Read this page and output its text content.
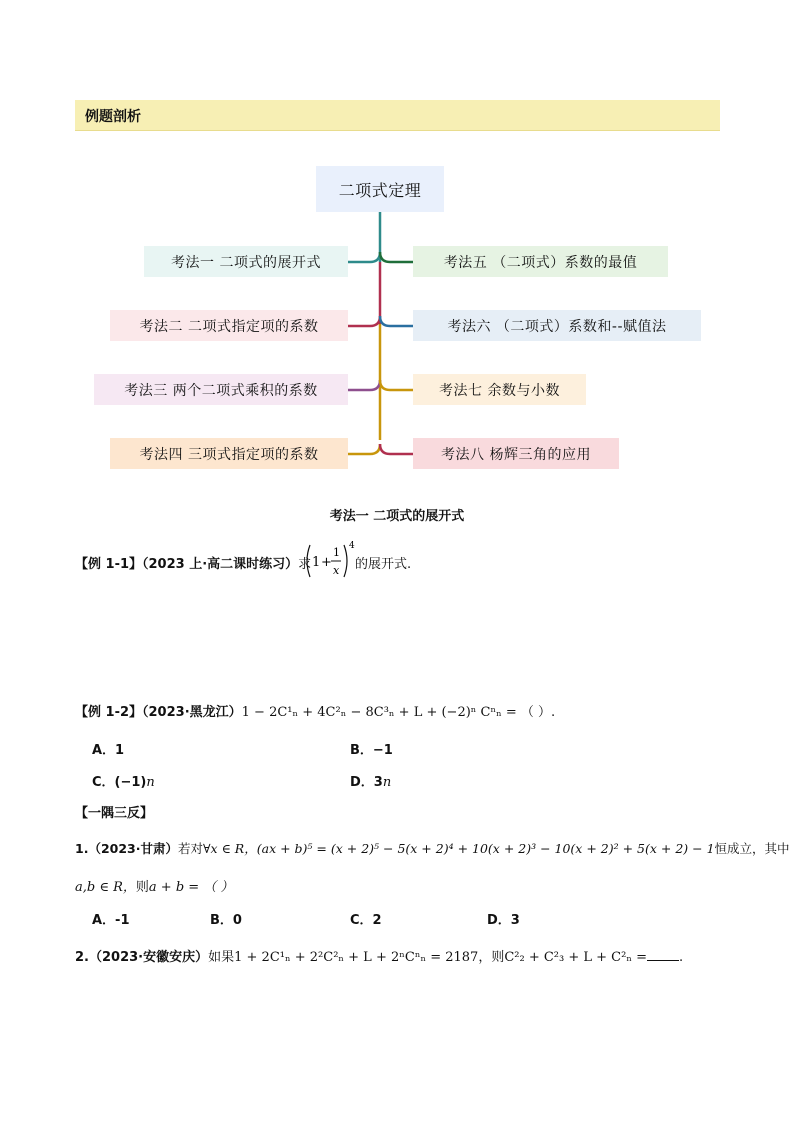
例题剖析
二项式定理
考法一 二项式的展开式
考法二 二项式指定项的系数
考法三 两个二项式乘积的系数
考法四 三项式指定项的系数
考法五 （二项式）系数的最值
考法六 （二项式）系数和--赋值法
考法七 余数与小数
考法八 杨辉三角的应用
考法一 二项式的展开式
【例 1-1】（2023 上·高二课时练习）求 1 +
1
x
4
的展开式.
【例 1-2】（2023·黑龙江）1 − 2C¹ₙ + 4C²ₙ − 8C³ₙ + L + (−2)ⁿ Cⁿₙ = （ ）.
A．1	B．−1
C．(−1)n	D．3n
【一隅三反】
1.（2023·甘肃）若对∀x ∈ R，(ax + b)⁵ = (x + 2)⁵ − 5(x + 2)⁴ + 10(x + 2)³ − 10(x + 2)² + 5(x + 2) − 1恒成立，其中
a,b ∈ R，则a + b = （ ）
A．-1	B．0	C．2	D．3
2.（2023·安徽安庆）如果1 + 2C¹ₙ + 2²C²ₙ + L + 2ⁿCⁿₙ = 2187，则C²₂ + C²₃ + L + C²ₙ = .
